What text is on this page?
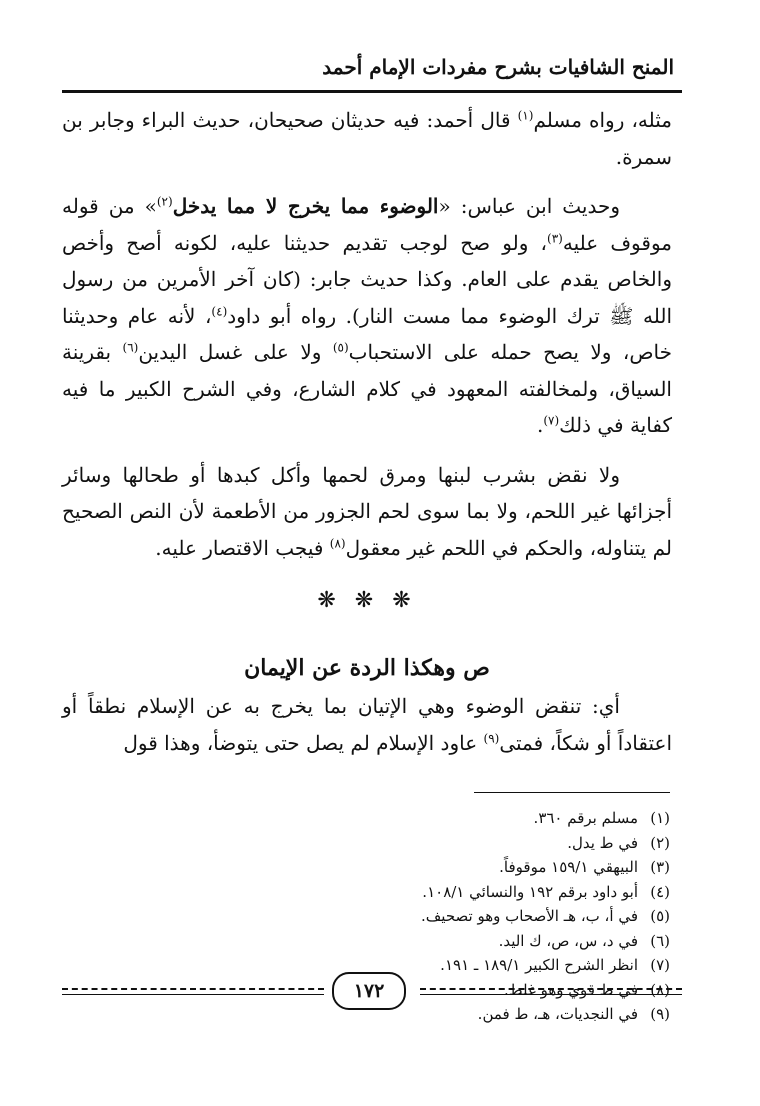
المنح الشافيات بشرح مفردات الإمام أحمد

مثله، رواه مسلم$^{(١)}$ قال أحمد: فيه حديثان صحيحان، حديث البراء وجابر بن سمرة.

وحديث ابن عباس: «الوضوء مما يخرج لا مما يدخل$^{(٢)}$» من قوله موقوف عليه$^{(٣)}$، ولو صح لوجب تقديم حديثنا عليه، لكونه أصح وأخص والخاص يقدم على العام. وكذا حديث جابر: (كان آخر الأمرين من رسول الله ﷺ ترك الوضوء مما مست النار). رواه أبو داود$^{(٤)}$، لأنه عام وحديثنا خاص، ولا يصح حمله على الاستحباب$^{(٥)}$ ولا على غسل اليدين$^{(٦)}$ بقرينة السياق، ولمخالفته المعهود في كلام الشارع، وفي الشرح الكبير ما فيه كفاية في ذلك$^{(٧)}$.

ولا نقض بشرب لبنها ومرق لحمها وأكل كبدها أو طحالها وسائر أجزائها غير اللحم، ولا بما سوى لحم الجزور من الأطعمة لأن النص الصحيح لم يتناوله، والحكم في اللحم غير معقول$^{(٨)}$ فيجب الاقتصار عليه.

❋ ❋ ❋
ص وهكذا الردة عن الإيمان

أي: تنقض الوضوء وهي الإتيان بما يخرج به عن الإسلام نطقاً أو اعتقاداً أو شكاً، فمتى$^{(٩)}$ عاود الإسلام لم يصل حتى يتوضأ، وهذا قول

(١)
مسلم برقم ٣٦٠.
(٢)
في ط يدل.
(٣)
البيهقي ١٥٩/١ موقوفاً.
(٤)
أبو داود برقم ١٩٢ والنسائي ١٠٨/١.
(٥)
في أ، ب، هـ الأصحاب وهو تصحيف.
(٦)
في د، س، ص، ك اليد.
(٧)
انظر الشرح الكبير ١٨٩/١ ـ ١٩١.
(٨)
في ط قوي وهو غلط.
(٩)
في النجديات، هـ، ط فمن.
١٧٢
